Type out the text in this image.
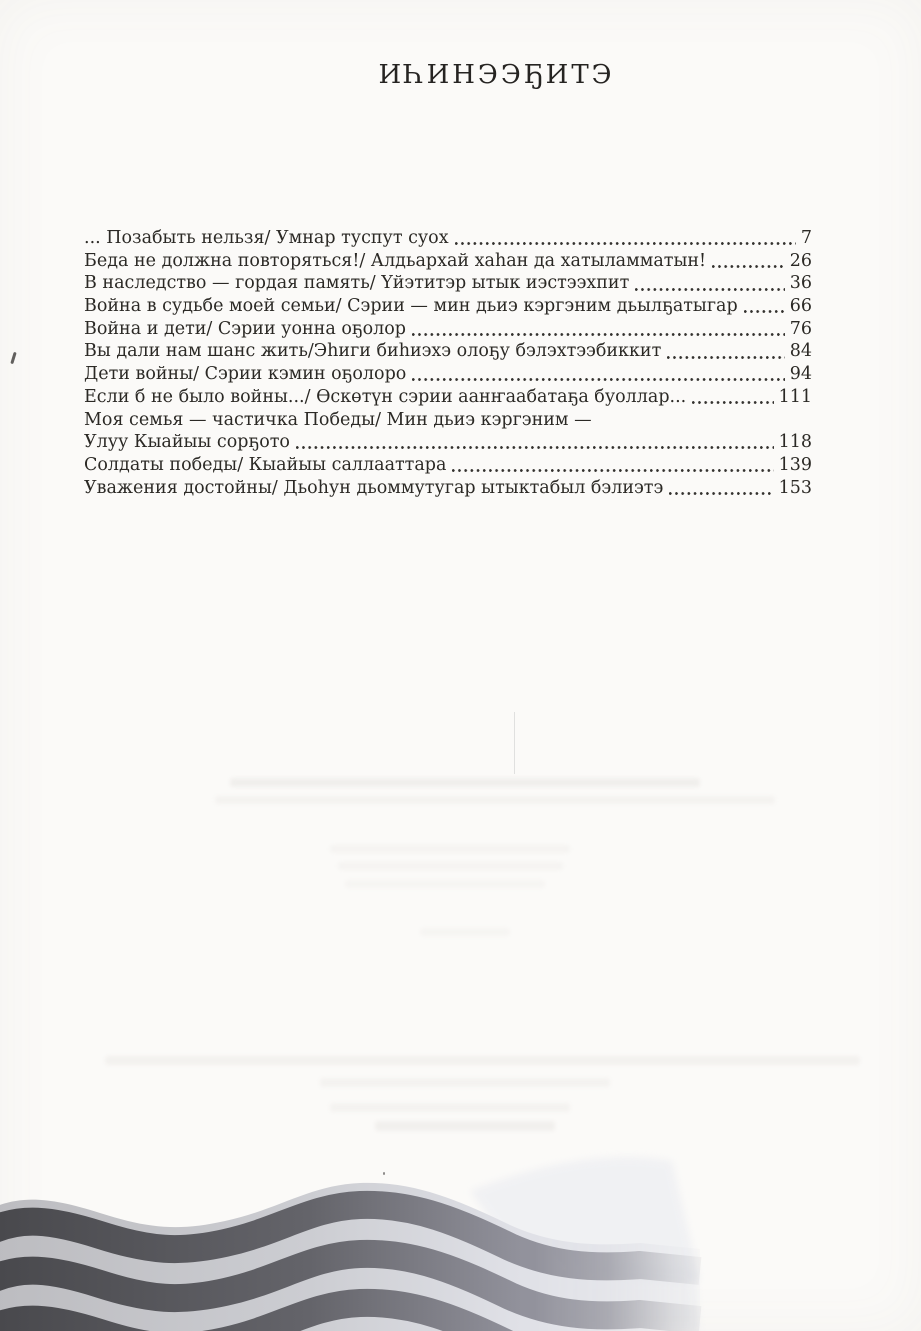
ИҺИНЭЭҔИТЭ
... Позабыть нельзя/ Умнар туспут суох	7
Беда не должна повторяться!/ Алдьархай хаһан да хатыламматын!	26
В наследство — гордая память/ Үйэтитэр ытык иэстээхпит	36
Война в судьбе моей семьи/ Сэрии — мин дьиэ кэргэним дьылҕатыгар	66
Война и дети/ Сэрии уонна оҕолор	76
Вы дали нам шанс жить/Эһиги биһиэхэ олоҕу бэлэхтээбиккит	84
Дети войны/ Сэрии кэмин оҕолоро	94
Если б не было войны.../ Өскөтүн сэрии аанҥаабатаҕа буоллар...	111
Моя семья — частичка Победы/ Мин дьиэ кэргэним —
Улуу Кыайыы сорҕото	118
Солдаты победы/ Кыайыы саллааттара	139
Уважения достойны/ Дьоһун дьоммутугар ытыктабыл бэлиэтэ	153
